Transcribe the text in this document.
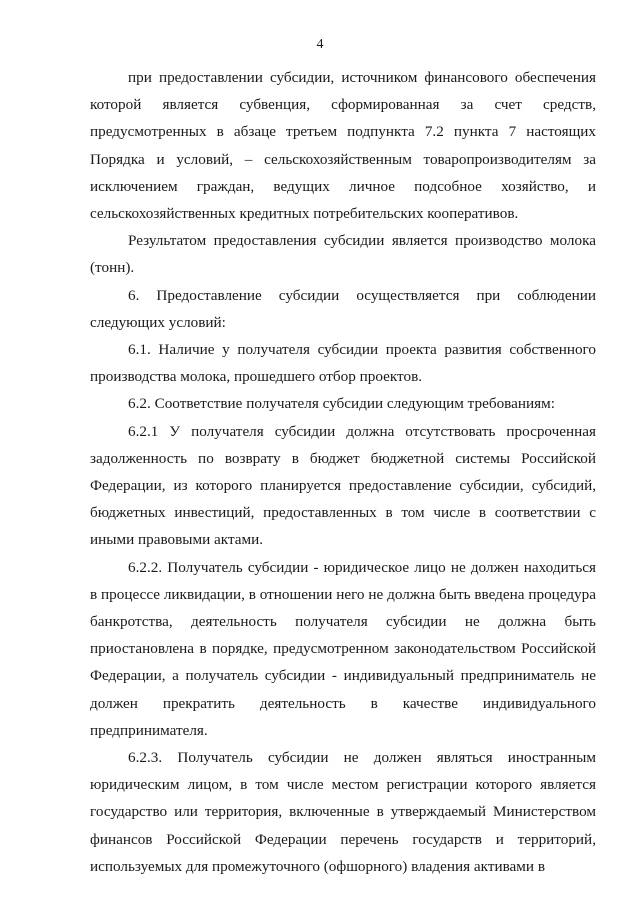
4

при предоставлении субсидии, источником финансового обеспечения которой является субвенция, сформированная за счет средств, предусмотренных в абзаце третьем подпункта 7.2 пункта 7 настоящих Порядка и условий, – сельскохозяйственным товаропроизводителям за исключением граждан, ведущих личное подсобное хозяйство, и сельскохозяйственных кредитных потребительских кооперативов.

Результатом предоставления субсидии является производство молока (тонн).

6. Предоставление субсидии осуществляется при соблюдении следующих условий:

6.1. Наличие у получателя субсидии проекта развития собственного производства молока, прошедшего отбор проектов.

6.2. Соответствие получателя субсидии следующим требованиям:

6.2.1 У получателя субсидии должна отсутствовать просроченная задолженность по возврату в бюджет бюджетной системы Российской Федерации, из которого планируется предоставление субсидии, субсидий, бюджетных инвестиций, предоставленных в том числе в соответствии с иными правовыми актами.

6.2.2. Получатель субсидии - юридическое лицо не должен находиться в процессе ликвидации, в отношении него не должна быть введена процедура банкротства, деятельность получателя субсидии не должна быть приостановлена в порядке, предусмотренном законодательством Российской Федерации, а получатель субсидии - индивидуальный предприниматель не должен прекратить деятельность в качестве индивидуального предпринимателя.

6.2.3. Получатель субсидии не должен являться иностранным юридическим лицом, в том числе местом регистрации которого является государство или территория, включенные в утверждаемый Министерством финансов Российской Федерации перечень государств и территорий, используемых для промежуточного (офшорного) владения активами в
